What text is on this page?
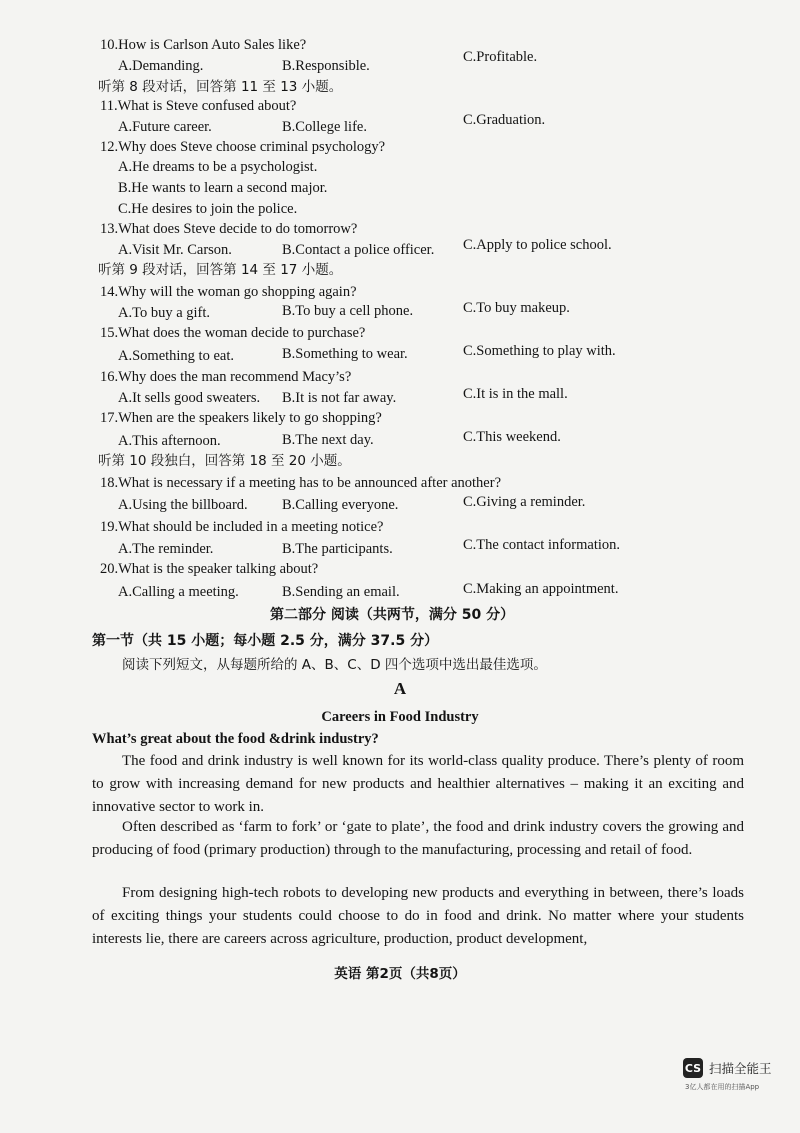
10.How is Carlson Auto Sales like?
A.Demanding.	B.Responsible.
C.Profitable.
听第 8 段对话，回答第 11 至 13 小题。
11.What is Steve confused about?
A.Future career.	B.College life.	C.Graduation.
12.Why does Steve choose criminal psychology?
A.He dreams to be a psychologist.
B.He wants to learn a second major.
C.He desires to join the police.
13.What does Steve decide to do tomorrow?
A.Visit Mr. Carson.	B.Contact a police officer. C.Apply to police school.
听第 9 段对话，回答第 14 至 17 小题。
14.Why will the woman go shopping again?
A.To buy a gift.	B.To buy a cell phone.	C.To buy makeup.
15.What does the woman decide to purchase?
A.Something to eat.	B.Something to wear.	C.Something to play with.
16.Why does the man recommend Macy’s?
A.It sells good sweaters. B.It is not far away.	C.It is in the mall.
17.When are the speakers likely to go shopping?
A.This afternoon.	B.The next day.	C.This weekend.
听第 10 段独白，回答第 18 至 20 小题。
18.What is necessary if a meeting has to be announced after another?
A.Using the billboard. B.Calling everyone.	C.Giving a reminder.
19.What should be included in a meeting notice?
A.The reminder.	B.The participants.	C.The contact information.
20.What is the speaker talking about?
A.Calling a meeting.	B.Sending an email.	C.Making an appointment.
第二部分 阅读（共两节，满分 50 分）
第一节（共 15 小题；每小题 2.5 分，满分 37.5 分）
阅读下列短文，从每题所给的 A、B、C、D 四个选项中选出最佳选项。
A
Careers in Food Industry
What’s great about the food &drink industry?
The food and drink industry is well known for its world-class quality produce. There’s plenty of room to grow with increasing demand for new products and healthier alternatives – making it an exciting and innovative sector to work in.
Often described as ‘farm to fork’ or ‘gate to plate’, the food and drink industry covers the growing and producing of food (primary production) through to the manufacturing, processing and retail of food.
From designing high-tech robots to developing new products and everything in between, there’s loads of exciting things your students could choose to do in food and drink. No matter where your students interests lie, there are careers across agriculture, production, product development,
英语 第2页（共8页）
CS 扫描全能王
3亿人都在用的扫描App
